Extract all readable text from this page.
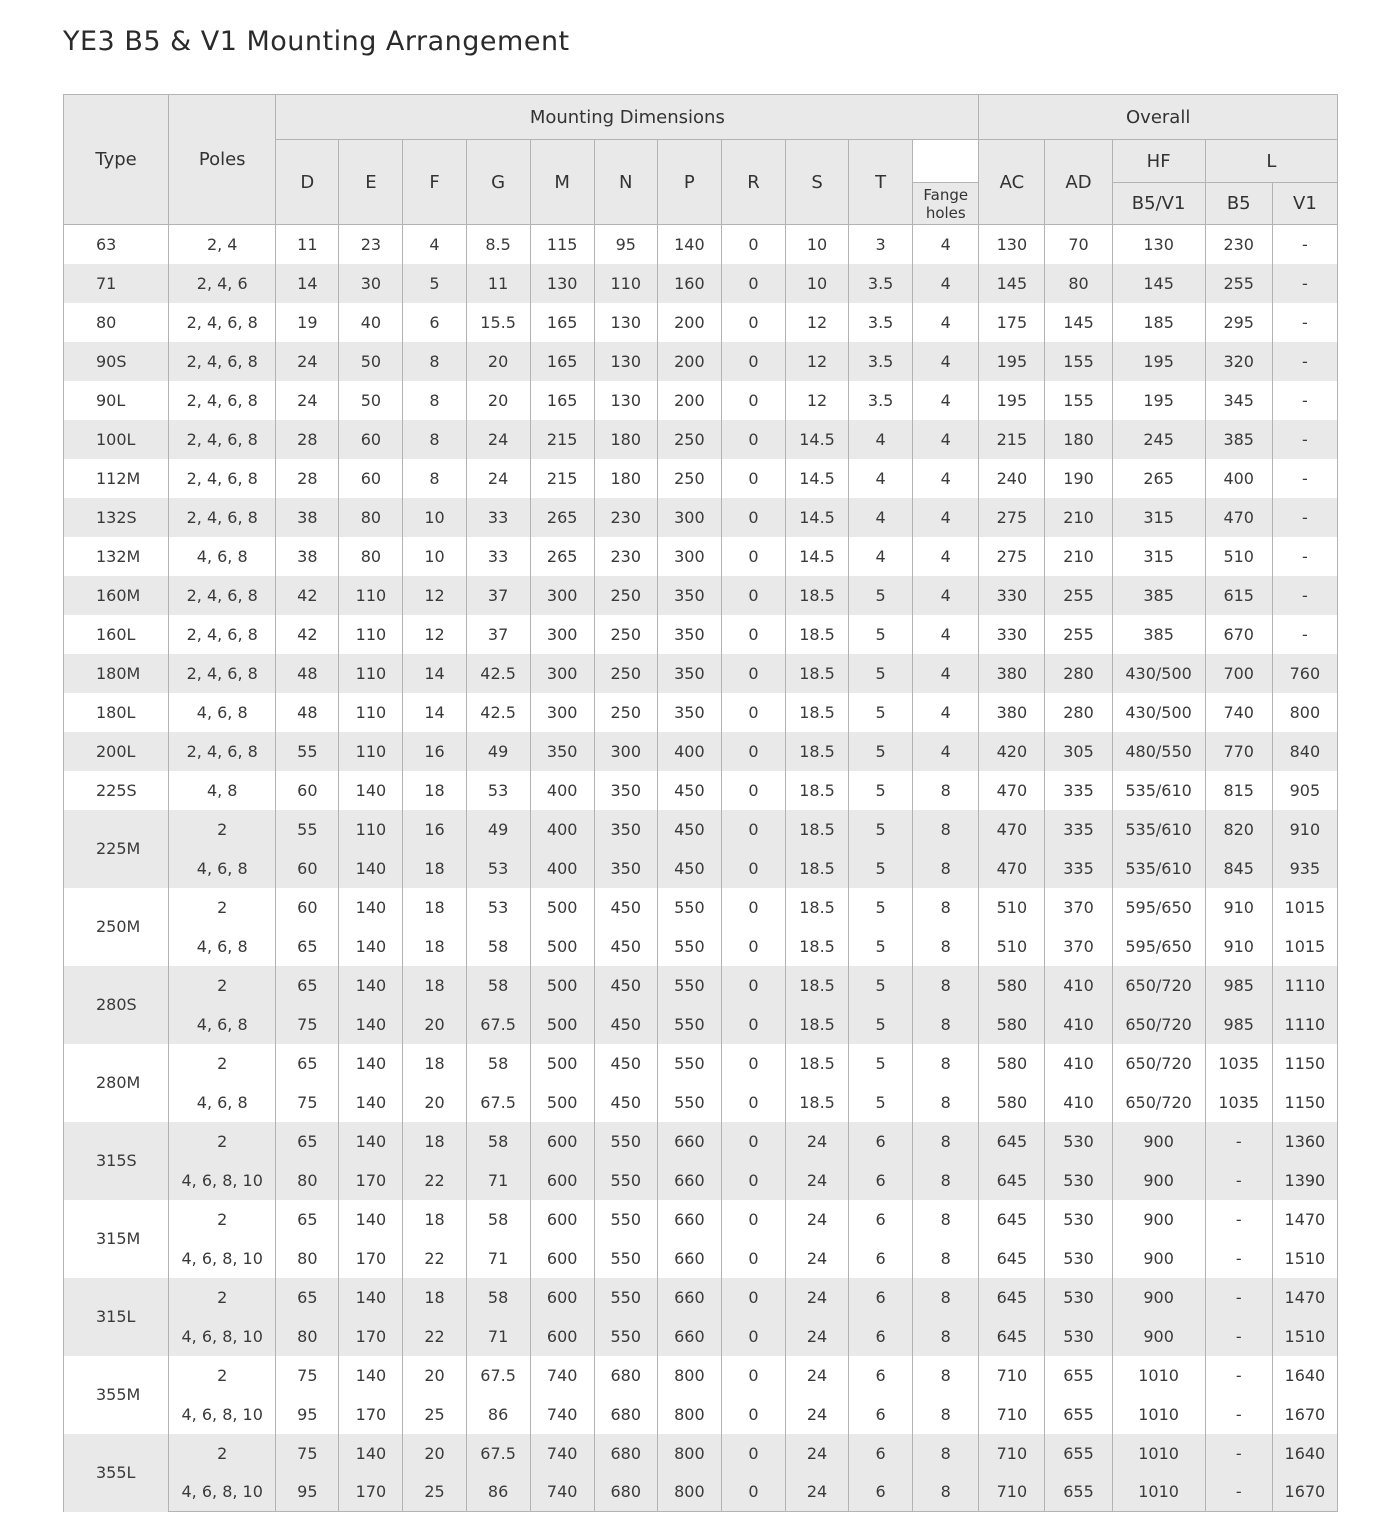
YE3 B5 & V1 Mounting Arrangement
Type	Poles	Mounting Dimensions											Overall				
		D	E	F	G	M	N	P	R	S	T		AC	AD	HF	L	
												Fange holes			B5/V1	B5	V1
63	2, 4	11	23	4	8.5	115	95	140	0	10	3	4	130	70	130	230	-
71	2, 4, 6	14	30	5	11	130	110	160	0	10	3.5	4	145	80	145	255	-
80	2, 4, 6, 8	19	40	6	15.5	165	130	200	0	12	3.5	4	175	145	185	295	-
90S	2, 4, 6, 8	24	50	8	20	165	130	200	0	12	3.5	4	195	155	195	320	-
90L	2, 4, 6, 8	24	50	8	20	165	130	200	0	12	3.5	4	195	155	195	345	-
100L	2, 4, 6, 8	28	60	8	24	215	180	250	0	14.5	4	4	215	180	245	385	-
112M	2, 4, 6, 8	28	60	8	24	215	180	250	0	14.5	4	4	240	190	265	400	-
132S	2, 4, 6, 8	38	80	10	33	265	230	300	0	14.5	4	4	275	210	315	470	-
132M	4, 6, 8	38	80	10	33	265	230	300	0	14.5	4	4	275	210	315	510	-
160M	2, 4, 6, 8	42	110	12	37	300	250	350	0	18.5	5	4	330	255	385	615	-
160L	2, 4, 6, 8	42	110	12	37	300	250	350	0	18.5	5	4	330	255	385	670	-
180M	2, 4, 6, 8	48	110	14	42.5	300	250	350	0	18.5	5	4	380	280	430/500	700	760
180L	4, 6, 8	48	110	14	42.5	300	250	350	0	18.5	5	4	380	280	430/500	740	800
200L	2, 4, 6, 8	55	110	16	49	350	300	400	0	18.5	5	4	420	305	480/550	770	840
225S	4, 8	60	140	18	53	400	350	450	0	18.5	5	8	470	335	535/610	815	905
225M	2	55	110	16	49	400	350	450	0	18.5	5	8	470	335	535/610	820	910
	4, 6, 8	60	140	18	53	400	350	450	0	18.5	5	8	470	335	535/610	845	935
250M	2	60	140	18	53	500	450	550	0	18.5	5	8	510	370	595/650	910	1015
	4, 6, 8	65	140	18	58	500	450	550	0	18.5	5	8	510	370	595/650	910	1015
280S	2	65	140	18	58	500	450	550	0	18.5	5	8	580	410	650/720	985	1110
	4, 6, 8	75	140	20	67.5	500	450	550	0	18.5	5	8	580	410	650/720	985	1110
280M	2	65	140	18	58	500	450	550	0	18.5	5	8	580	410	650/720	1035	1150
	4, 6, 8	75	140	20	67.5	500	450	550	0	18.5	5	8	580	410	650/720	1035	1150
315S	2	65	140	18	58	600	550	660	0	24	6	8	645	530	900	-	1360
	4, 6, 8, 10	80	170	22	71	600	550	660	0	24	6	8	645	530	900	-	1390
315M	2	65	140	18	58	600	550	660	0	24	6	8	645	530	900	-	1470
	4, 6, 8, 10	80	170	22	71	600	550	660	0	24	6	8	645	530	900	-	1510
315L	2	65	140	18	58	600	550	660	0	24	6	8	645	530	900	-	1470
	4, 6, 8, 10	80	170	22	71	600	550	660	0	24	6	8	645	530	900	-	1510
355M	2	75	140	20	67.5	740	680	800	0	24	6	8	710	655	1010	-	1640
	4, 6, 8, 10	95	170	25	86	740	680	800	0	24	6	8	710	655	1010	-	1670
355L	2	75	140	20	67.5	740	680	800	0	24	6	8	710	655	1010	-	1640
	4, 6, 8, 10	95	170	25	86	740	680	800	0	24	6	8	710	655	1010	-	1670
